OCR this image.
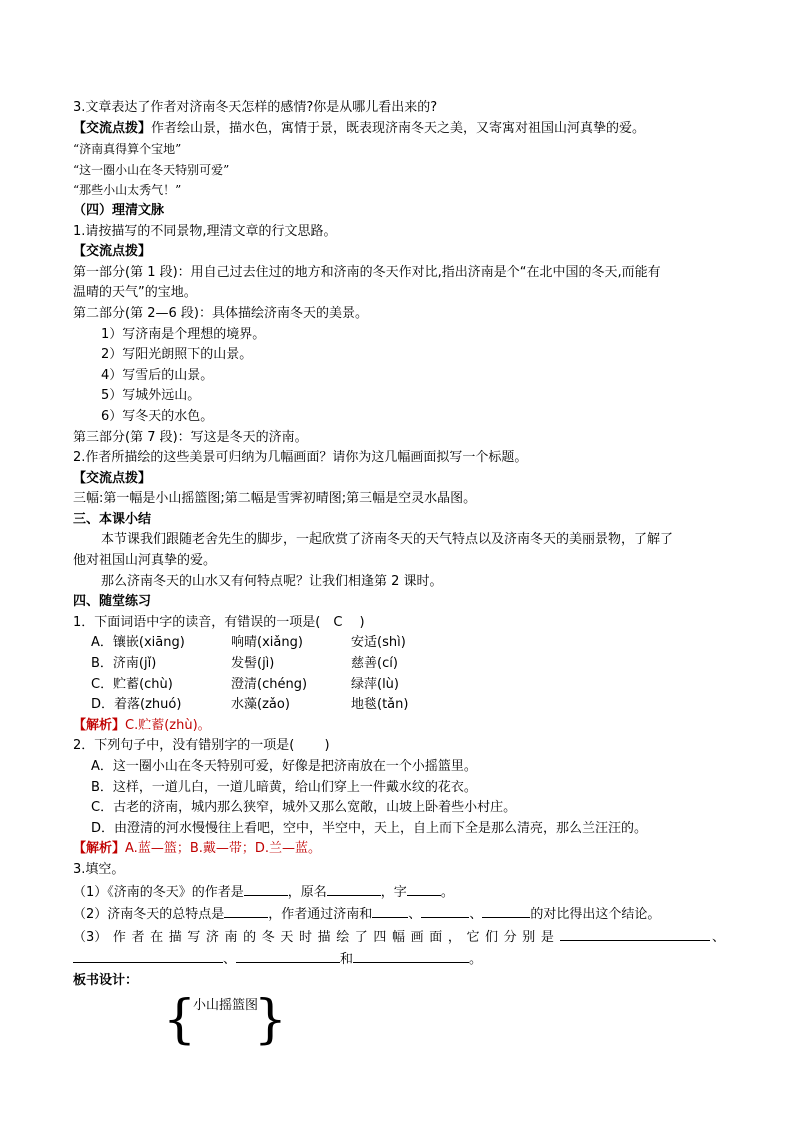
3.文章表达了作者对济南冬天怎样的感情?你是从哪儿看出来的?
【交流点拨】作者绘山景，描水色，寓情于景，既表现济南冬天之美，又寄寓对祖国山河真挚的爱。
“济南真得算个宝地”
“这一圈小山在冬天特别可爱”
“那些小山太秀气！”
（四）理清文脉
1.请按描写的不同景物,理清文章的行文思路。
【交流点拨】
第一部分(第 1 段)：用自己过去住过的地方和济南的冬天作对比,指出济南是个“在北中国的冬天,而能有
温晴的天气”的宝地。
第二部分(第 2—6 段)：具体描绘济南冬天的美景。
1）写济南是个理想的境界。
2）写阳光朗照下的山景。
4）写雪后的山景。
5）写城外远山。
6）写冬天的水色。
第三部分(第 7 段)：写这是冬天的济南。
2.作者所描绘的这些美景可归纳为几幅画面？请你为这几幅画面拟写一个标题。
【交流点拨】
三幅:第一幅是小山摇篮图;第二幅是雪霁初晴图;第三幅是空灵水晶图。
三、本课小结
本节课我们跟随老舍先生的脚步，一起欣赏了济南冬天的天气特点以及济南冬天的美丽景物，了解了
他对祖国山河真挚的爱。
那么济南冬天的山水又有何特点呢？让我们相逢第 2 课时。
四、随堂练习
1．下面词语中字的读音，有错误的一项是(　C　 )
A．镶嵌(xiāng)	响晴(xiǎng)	安适(shì)
B．济南(jǐ)	发髻(jì)	慈善(cí)
C．贮蓄(chù)	澄清(chéng)	绿萍(lù)
D．着落(zhuó)	水藻(zǎo)	地毯(tǎn)
【解析】C.贮蓄(zhù)。
2．下列句子中，没有错别字的一项是(　　 )
A．这一圈小山在冬天特别可爱，好像是把济南放在一个小摇篮里。
B．这样，一道儿白，一道儿暗黄，给山们穿上一件戴水纹的花衣。
C．古老的济南，城内那么狭窄，城外又那么宽敞，山坡上卧着些小村庄。
D．由澄清的河水慢慢往上看吧，空中，半空中，天上，自上而下全是那么清亮，那么兰汪汪的。
【解析】A.蓝—篮；B.戴—带；D.兰—蓝。
3.填空。
（1）《济南的冬天》的作者是	，原名	，字	。
（2）济南冬天的总特点是	，作者通过济南和	、	、	的对比得出这个结论。
（3） 作 者 在 描 写 济 南 的 冬 天 时 描 绘 了 四 幅 画 面 ， 它 们 分 别 是	、
、	和	。
板书设计：
{
小山摇篮图
}
